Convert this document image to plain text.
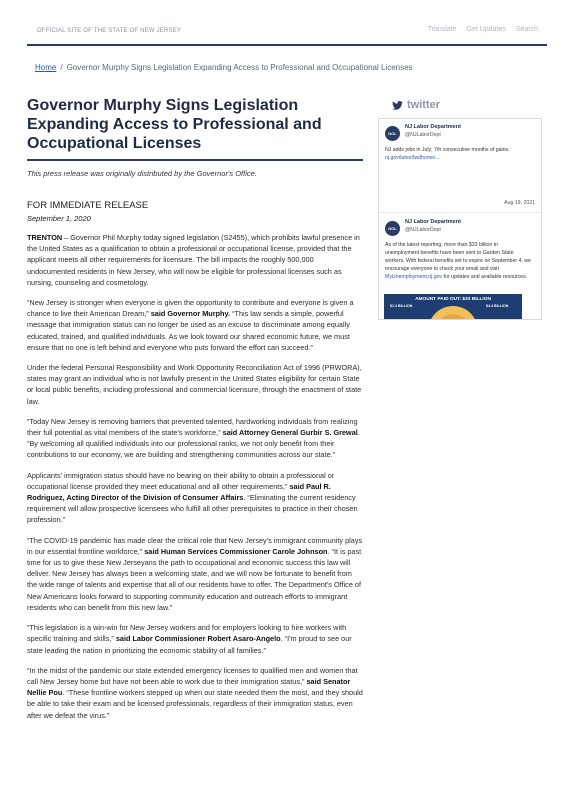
OFFICIAL SITE OF THE STATE OF NEW JERSEY	Translate Get Updates Search
Home / Governor Murphy Signs Legislation Expanding Access to Professional and Occupational Licenses
Governor Murphy Signs Legislation Expanding Access to Professional and Occupational Licenses

This press release was originally distributed by the Governor's Office.

FOR IMMEDIATE RELEASE

September 1, 2020

TRENTON – Governor Phil Murphy today signed legislation (S2455), which prohibits lawful presence in the United States as a qualification to obtain a professional or occupational license, provided that the applicant meets all other requirements for licensure. The bill impacts the roughly 500,000 undocumented residents in New Jersey, who will now be eligible for professional licenses such as nursing, counseling and cosmetology.

“New Jersey is stronger when everyone is given the opportunity to contribute and everyone is given a chance to live their American Dream,” said Governor Murphy. “This law sends a simple, powerful message that immigration status can no longer be used as an excuse to discriminate among equally educated, trained, and qualified individuals. As we look toward our shared economic future, we must ensure that no one is left behind and everyone who puts forward the effort can succeed.”

Under the federal Personal Responsibility and Work Opportunity Reconciliation Act of 1996 (PRWORA), states may grant an individual who is not lawfully present in the United States eligibility for certain State or local public benefits, including professional and commercial licensure, through the enactment of state law.

“Today New Jersey is removing barriers that prevented talented, hardworking individuals from realizing their full potential as vital members of the state's workforce,” said Attorney General Gurbir S. Grewal. “By welcoming all qualified individuals into our professional ranks, we not only benefit from their contributions to our economy, we are building and strengthening communities across our state.”

Applicants' immigration status should have no bearing on their ability to obtain a professional or occupational license provided they meet educational and all other requirements,” said Paul R. Rodriguez, Acting Director of the Division of Consumer Affairs. “Eliminating the current residency requirement will allow prospective licensees who fulfill all other prerequisites to practice in their chosen profession.”

“The COVID-19 pandemic has made clear the critical role that New Jersey's immigrant community plays in our essential frontline workforce,” said Human Services Commissioner Carole Johnson. “It is past time for us to give these New Jerseyans the path to occupational and economic success this law will deliver. New Jersey has always been a welcoming state, and we will now be fortunate to benefit from the wide range of talents and expertise that all of our residents have to offer. The Department's Office of New Americans looks forward to supporting community education and outreach efforts to immigrant residents who can benefit from this new law.”

“This legislation is a win-win for New Jersey workers and for employers looking to hire workers with specific training and skills,” said Labor Commissioner Robert Asaro-Angelo. “I'm proud to see our state leading the nation in prioritizing the economic stability of all families.”

“In the midst of the pandemic our state extended emergency licenses to qualified men and women that call New Jersey home but have not been able to work due to their immigration status,” said Senator Nellie Pou. “These frontline workers stepped up when our state needed them the most, and they should be able to take their exam and be licensed professionals, regardless of their immigration status, even after we defeat the virus.”

twitter
DOL
NJ Labor Department
@NJLaborDept
NJ adds jobs in July; 7th consecutive months of gains. nj.gov/labor/lwdhome/...
Aug 19, 2021
DOL
NJ Labor Department
@NJLaborDept
As of the latest reporting, more than $33 billion in unemployment benefits have been sent to Garden State workers. With federal benefits set to expire on September 4, we encourage everyone to check your email and visit MyUnemployment.nj.gov for updates and available resources.
AMOUNT PAID OUT: $33 BILLION
$1.4 BILLION	$4.4 BILLION
